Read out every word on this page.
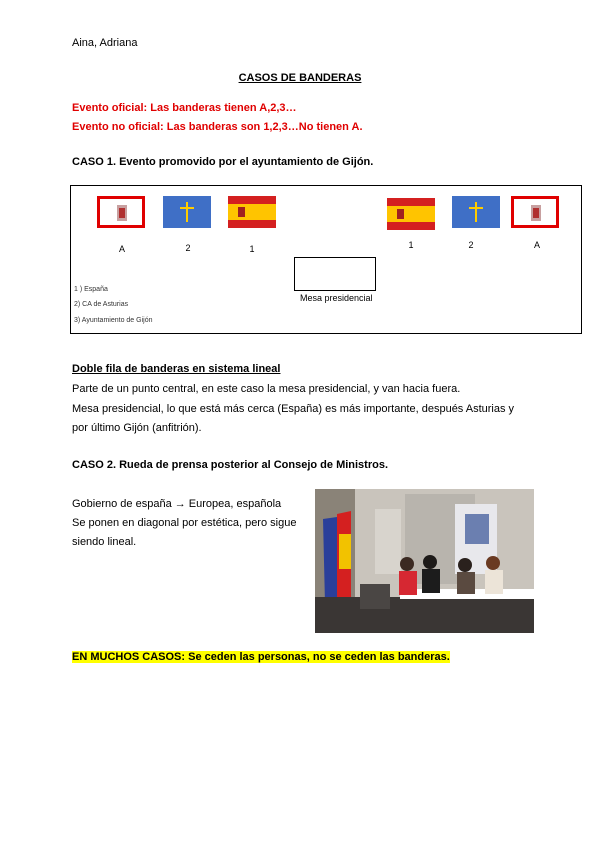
Aina, Adriana
CASOS DE BANDERAS
Evento oficial: Las banderas tienen A,2,3…
Evento no oficial: Las banderas son 1,2,3…No tienen A.
CASO 1. Evento promovido por el ayuntamiento de Gijón.
A	2	1	1	2	A
Mesa presidencial
1 ) España
2) CA de Asturias
3) Ayuntamiento de Gijón
Doble fila de banderas en sistema lineal
Parte de un punto central, en este caso la mesa presidencial, y van hacia fuera.
Mesa presidencial, lo que está más cerca (España) es más importante, después Asturias y
por último Gijón (anfitrión).
CASO 2. Rueda de prensa posterior al Consejo de Ministros.
Gobierno de españa → Europea, española
Se ponen en diagonal por estética, pero sigue
siendo lineal.
EN MUCHOS CASOS: Se ceden las personas, no se ceden las banderas.
